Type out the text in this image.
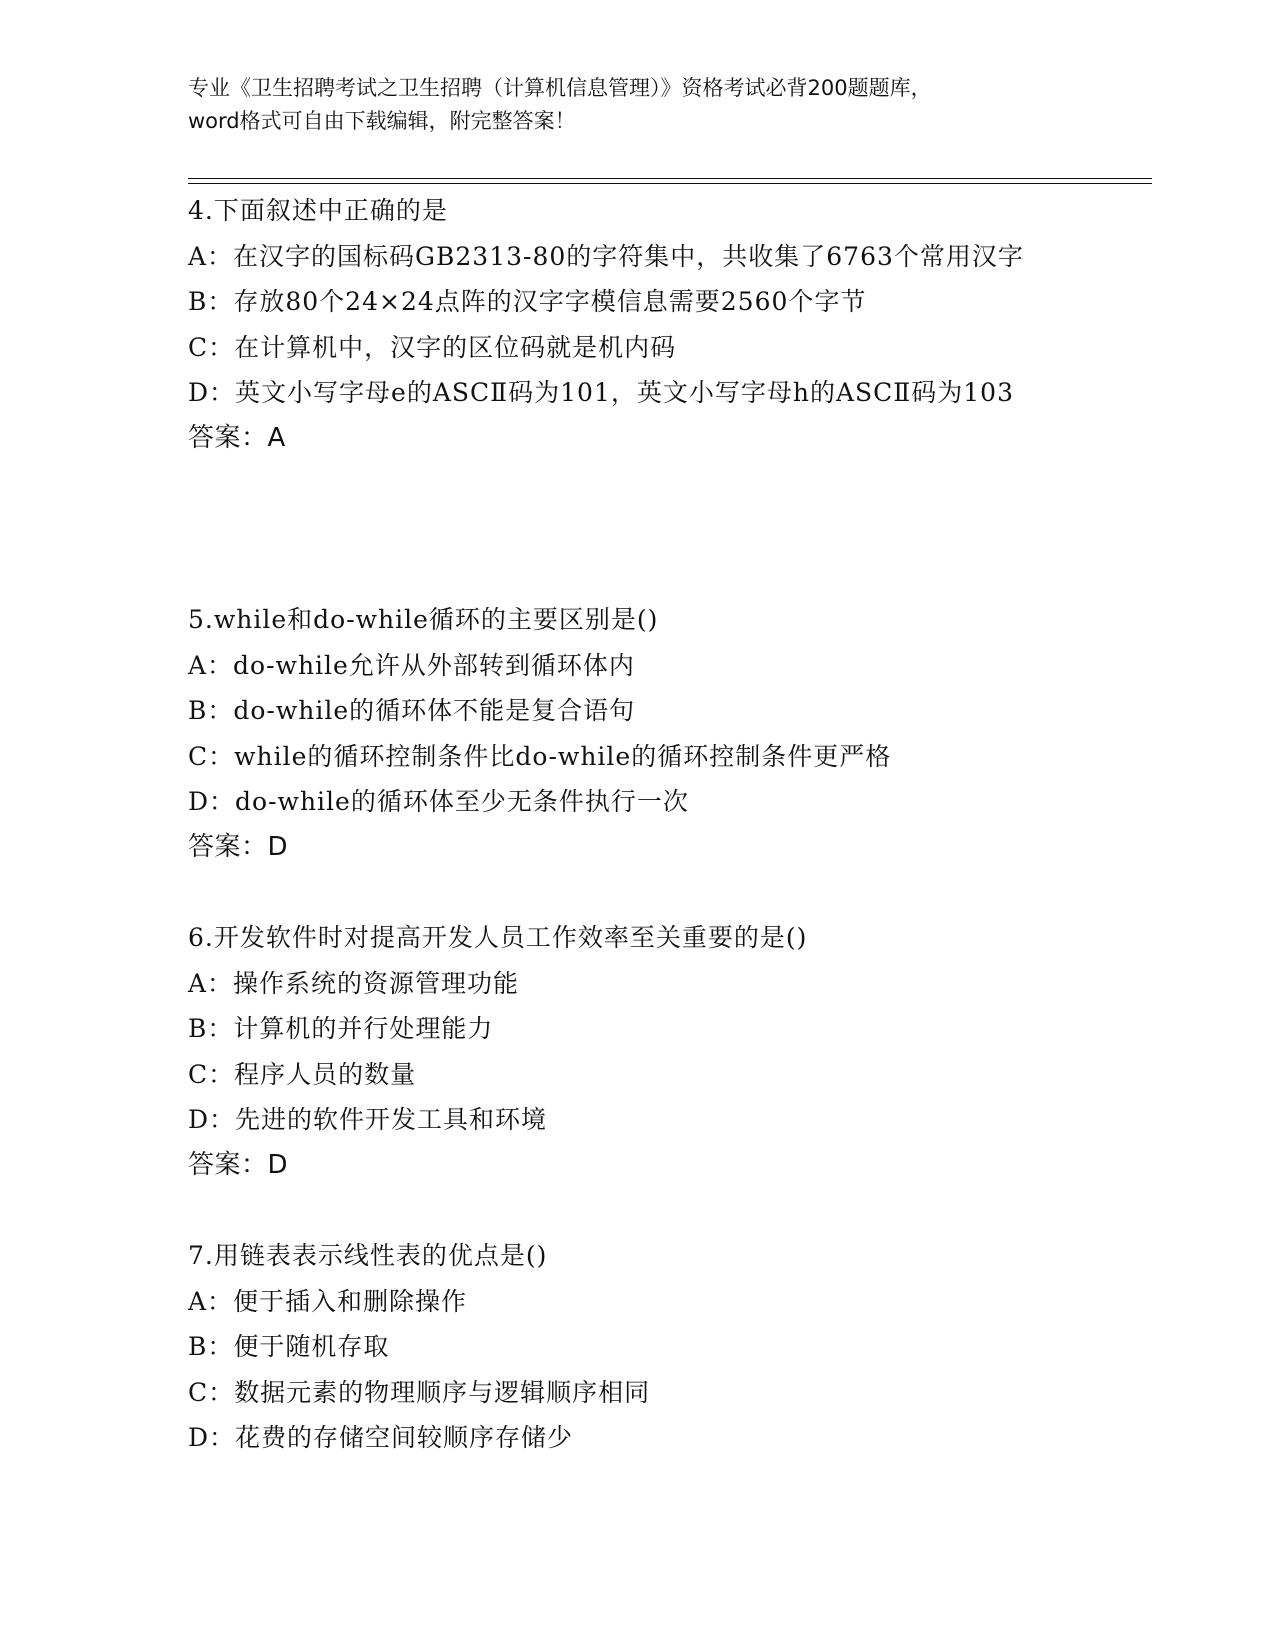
专业《卫生招聘考试之卫生招聘（计算机信息管理）》资格考试必背200题题库，
word格式可自由下载编辑，附完整答案！
4.下面叙述中正确的是
A：在汉字的国标码GB2313-80的字符集中，共收集了6763个常用汉字
B：存放80个24×24点阵的汉字字模信息需要2560个字节
C：在计算机中，汉字的区位码就是机内码
D：英文小写字母e的ASCⅡ码为101，英文小写字母h的ASCⅡ码为103
答案：A
5.while和do-while循环的主要区别是()
A：do-while允许从外部转到循环体内
B：do-while的循环体不能是复合语句
C：while的循环控制条件比do-while的循环控制条件更严格
D：do-while的循环体至少无条件执行一次
答案：D
6.开发软件时对提高开发人员工作效率至关重要的是()
A：操作系统的资源管理功能
B：计算机的并行处理能力
C：程序人员的数量
D：先进的软件开发工具和环境
答案：D
7.用链表表示线性表的优点是()
A：便于插入和删除操作
B：便于随机存取
C：数据元素的物理顺序与逻辑顺序相同
D：花费的存储空间较顺序存储少
